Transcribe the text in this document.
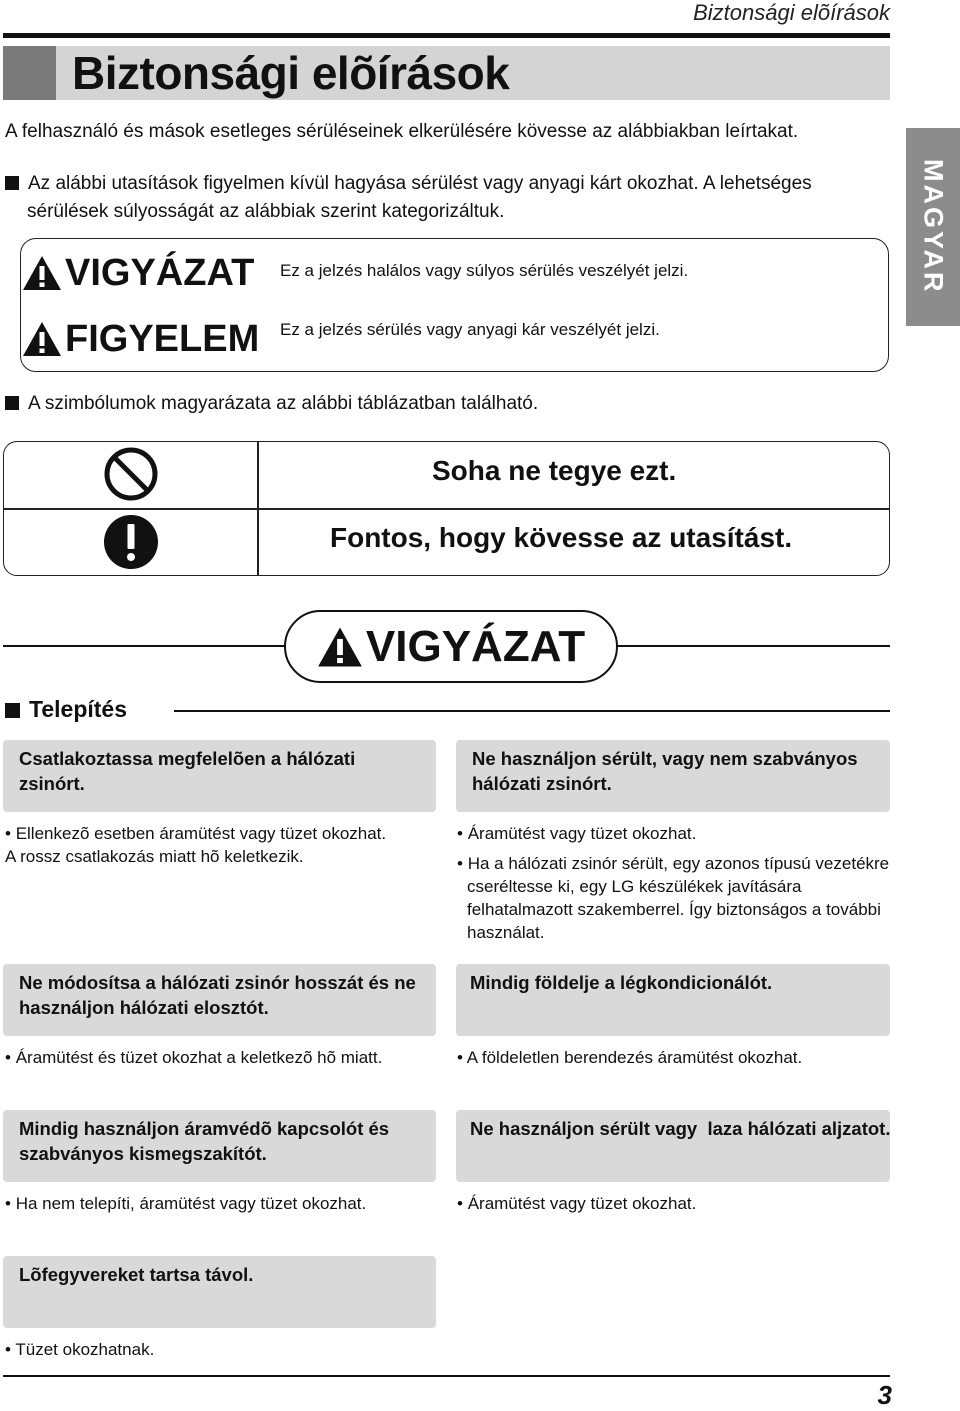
Biztonsági elõírások
Biztonsági elõírások
MAGYAR
A felhasználó és mások esetleges sérüléseinek elkerülésére kövesse az alábbiakban leírtakat.
Az alábbi utasítások figyelmen kívül hagyása sérülést vagy anyagi kárt okozhat. A lehetséges
sérülések súlyosságát az alábbiak szerint kategorizáltuk.
VIGYÁZAT Ez a jelzés halálos vagy súlyos sérülés veszélyét jelzi.
FIGYELEM Ez a jelzés sérülés vagy anyagi kár veszélyét jelzi.
A szimbólumok magyarázata az alábbi táblázatban található.
Soha ne tegye ezt.
Fontos, hogy kövesse az utasítást.
VIGYÁZAT
Telepítés
Csatlakoztassa megfelelõen a hálózati zsinórt.
• Ellenkezõ esetben áramütést vagy tüzet okozhat.
A rossz csatlakozás miatt hõ keletkezik.
Ne használjon sérült, vagy nem szabványos
hálózati zsinórt.
• Áramütést vagy tüzet okozhat.
• Ha a hálózati zsinór sérült, egy azonos típusú vezetékre
cseréltesse ki, egy LG készülékek javítására
felhatalmazott szakemberrel. Így biztonságos a további
használat.
Ne módosítsa a hálózati zsinór hosszát és ne
használjon hálózati elosztót.
• Áramütést és tüzet okozhat a keletkezõ hõ miatt.
Mindig földelje a légkondicionálót.
• A földeletlen berendezés áramütést okozhat.
Mindig használjon áramvédõ kapcsolót és
szabványos kismegszakítót.
• Ha nem telepíti, áramütést vagy tüzet okozhat.
Ne használjon sérült vagy  laza hálózati aljzatot.
• Áramütést vagy tüzet okozhat.
Lõfegyvereket tartsa távol.
• Tüzet okozhatnak.
3
